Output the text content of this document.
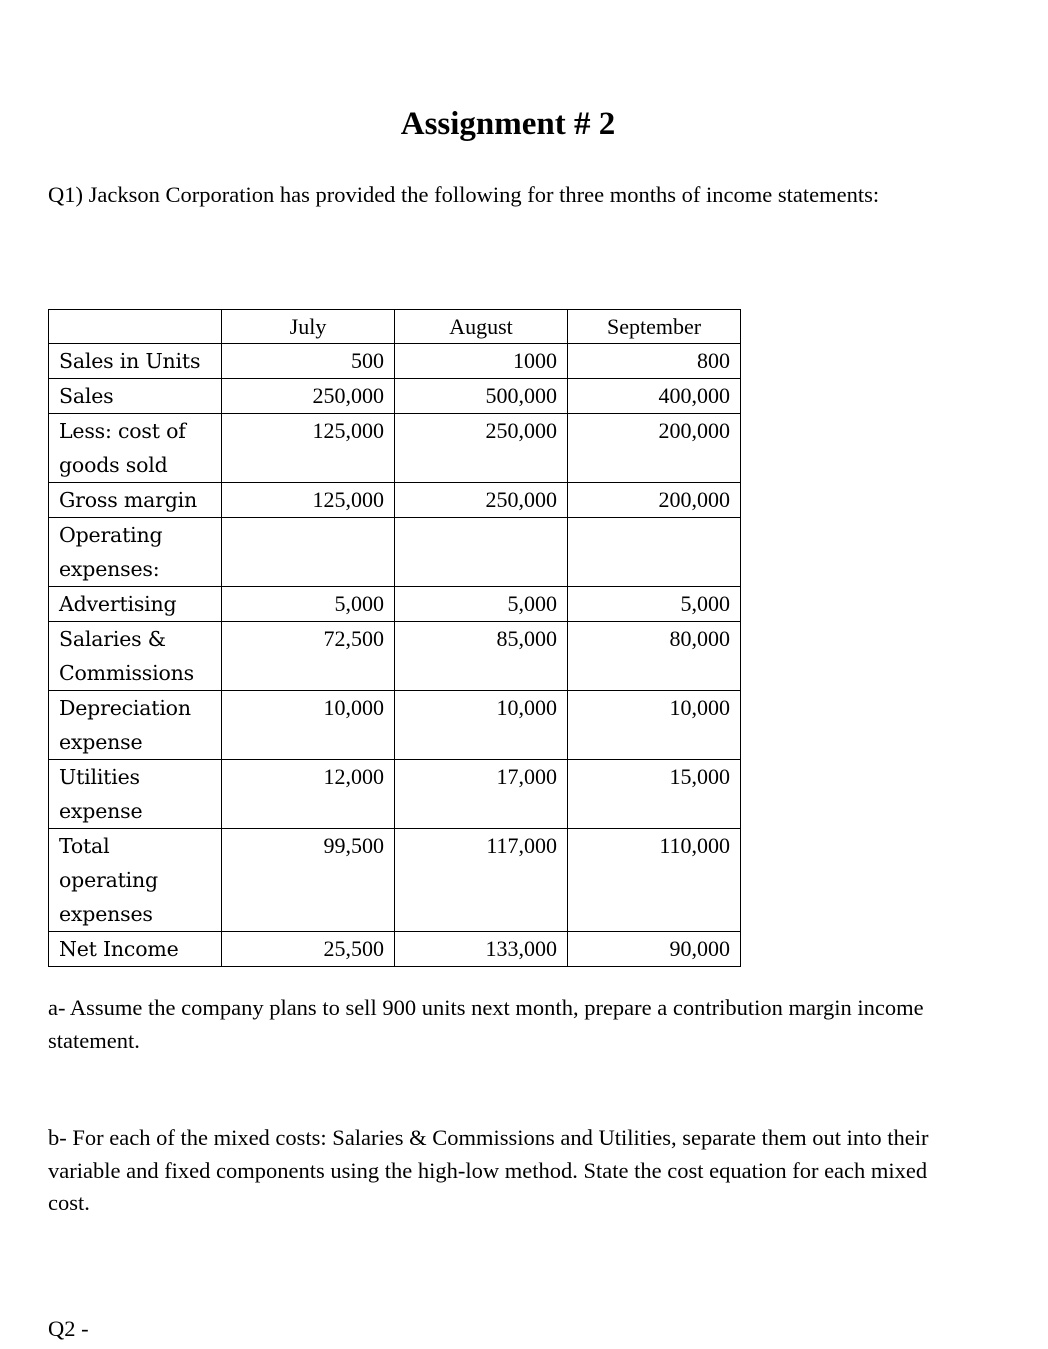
Assignment # 2

Q1) Jackson Corporation has provided the following for three months of income statements:

	July	August	September
Sales in Units	500	1000	800
Sales	250,000	500,000	400,000
Less: cost of goods sold	125,000	250,000	200,000
Gross margin	125,000	250,000	200,000
Operating expenses:			
Advertising	5,000	5,000	5,000
Salaries & Commissions	72,500	85,000	80,000
Depreciation expense	10,000	10,000	10,000
Utilities expense	12,000	17,000	15,000
Total operating expenses	99,500	117,000	110,000
Net Income	25,500	133,000	90,000

a- Assume the company plans to sell 900 units next month, prepare a contribution margin income statement.

b- For each of the mixed costs: Salaries & Commissions and Utilities, separate them out into their variable and fixed components using the high-low method. State the cost equation for each mixed cost.

Q2 -
